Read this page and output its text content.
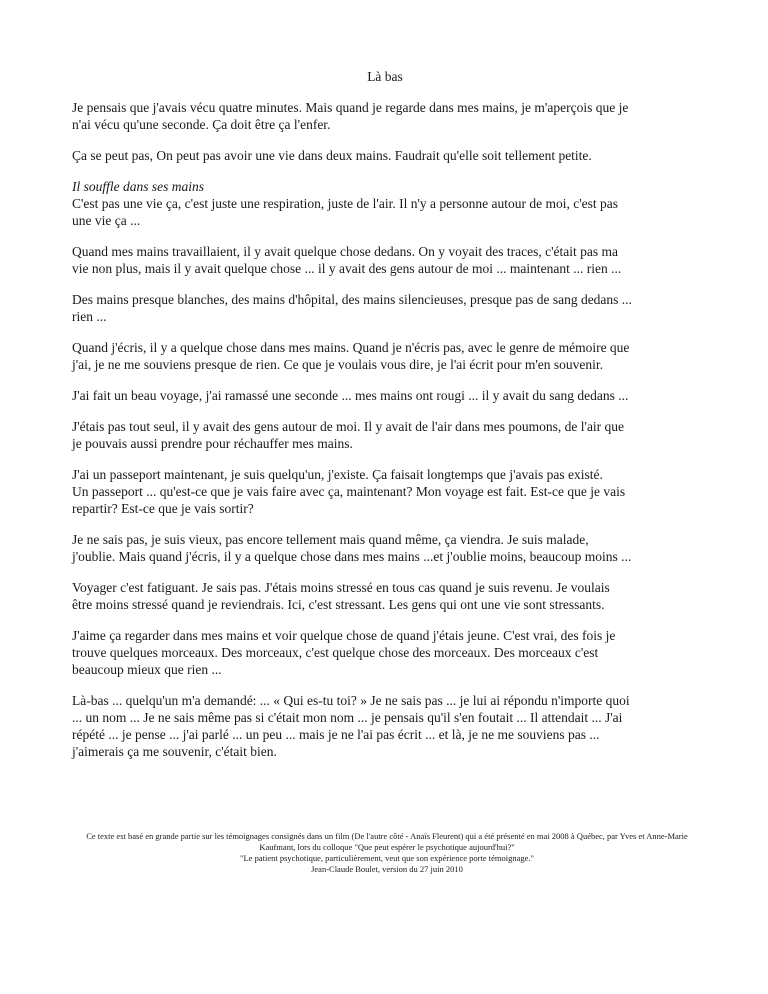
Là bas
Je pensais que j'avais vécu quatre minutes. Mais quand je regarde dans mes mains, je m'aperçois que je
n'ai vécu qu'une seconde. Ça doit être ça l'enfer.
Ça se peut pas, On peut pas avoir une vie dans deux mains. Faudrait qu'elle soit tellement petite.
Il souffle dans ses mains
C'est pas une vie ça, c'est juste une respiration, juste de l'air. Il n'y a personne autour de moi, c'est pas
une vie ça ...
Quand mes mains travaillaient, il y avait quelque chose dedans. On y voyait des traces, c'était pas ma
vie non plus, mais il y avait quelque chose ... il y avait des gens autour de moi ... maintenant ... rien ...
Des mains presque blanches, des mains d'hôpital, des mains silencieuses, presque pas de sang dedans ...
rien ...
Quand j'écris, il y a quelque chose dans mes mains. Quand je n'écris pas, avec le genre de mémoire que
j'ai, je ne me souviens presque de rien. Ce que je voulais vous dire, je l'ai écrit pour m'en souvenir.
J'ai fait un beau voyage, j'ai ramassé une seconde ... mes mains ont rougi ... il y avait du sang dedans ...
J'étais pas tout seul, il y avait des gens autour de moi. Il y avait de l'air dans mes poumons, de l'air que
je pouvais aussi prendre pour réchauffer mes mains.
J'ai un passeport maintenant, je suis quelqu'un, j'existe. Ça faisait longtemps que j'avais pas existé.
Un passeport ... qu'est-ce que je vais faire avec ça, maintenant? Mon voyage est fait. Est-ce que je vais
repartir? Est-ce que je vais sortir?
Je ne sais pas, je suis vieux, pas encore tellement mais quand même, ça viendra. Je suis malade,
j'oublie. Mais quand j'écris, il y a quelque chose dans mes mains ...et j'oublie moins, beaucoup moins ...
Voyager c'est fatiguant. Je sais pas. J'étais moins stressé en tous cas quand je suis revenu. Je voulais
être moins stressé quand je reviendrais. Ici, c'est stressant. Les gens qui ont une vie sont stressants.
J'aime ça regarder dans mes mains et voir quelque chose de quand j'étais jeune. C'est vrai, des fois je
trouve quelques morceaux. Des morceaux, c'est quelque chose des morceaux. Des morceaux c'est
beaucoup mieux que rien ...
Là-bas ... quelqu'un m'a demandé: ... « Qui es-tu toi? » Je ne sais pas ... je lui ai répondu n'importe quoi
... un nom ... Je ne sais même pas si c'était mon nom ... je pensais qu'il s'en foutait ... Il attendait ... J'ai
répété ... je pense ... j'ai parlé ... un peu ... mais je ne l'ai pas écrit ... et là, je ne me souviens pas ...
j'aimerais ça me souvenir, c'était bien.
Ce texte est basé en grande partie sur les témoignages consignés dans un film (De l'autre côté - Anaïs Fleurent) qui a été présenté en mai 2008 à Québec, par Yves et Anne-Marie
Kaufmant, lors du colloque "Que peut espérer le psychotique aujourd'hui?"
"Le patient psychotique, particulièrement, veut que son expérience porte témoignage."
Jean-Claude Boulet, version du 27 juin 2010
